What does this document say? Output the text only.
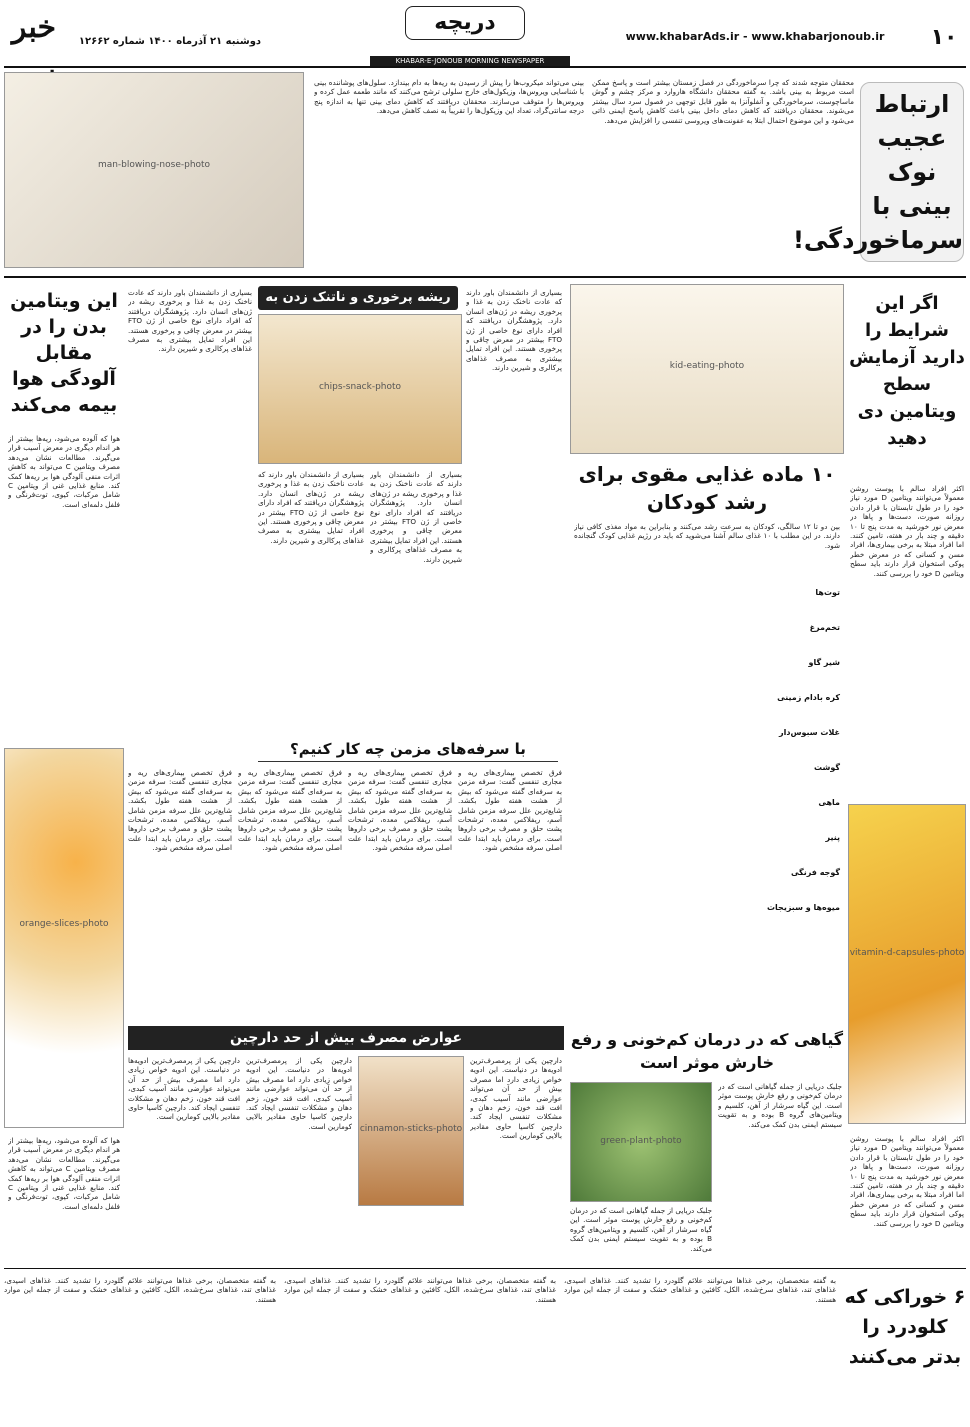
خبر	دوشنبه ۲۱ آذرماه ۱۴۰۰ شماره ۱۲۶۶۲
دریچه
www.khabarAds.ir - www.khabarjonoub.ir	۱۰
KHABAR-E-JONOUB MORNING NEWSPAPER
man-blowing-nose-photo
بینی می‌تواند میکروب‌ها را پیش از رسیدن به ریه‌ها به دام بیندازد. سلول‌های پوشاننده بینی با شناسایی ویروس‌ها، وزیکول‌های خارج سلولی ترشح می‌کنند که مانند طعمه عمل کرده و ویروس‌ها را متوقف می‌سازند. محققان دریافتند که کاهش دمای بینی تنها به اندازه پنج درجه سانتی‌گراد، تعداد این وزیکول‌ها را تقریباً به نصف کاهش می‌دهد.
محققان متوجه شدند که چرا سرماخوردگی در فصل زمستان بیشتر است و پاسخ ممکن است مربوط به بینی باشد. به گفته محققان دانشگاه هاروارد و مرکز چشم و گوش ماساچوست، سرماخوردگی و آنفلوآنزا به طور قابل توجهی در فصول سرد سال بیشتر می‌شوند. محققان دریافتند که کاهش دمای داخل بینی باعث کاهش پاسخ ایمنی ذاتی می‌شود و این موضوع احتمال ابتلا به عفونت‌های ویروسی تنفسی را افزایش می‌دهد.
ارتباط عجیب نوک بینی با سرماخوردگی!
این ویتامین بدن را در مقابل آلودگی هوا بیمه می‌کند
هوا که آلوده می‌شود، ریه‌ها بیشتر از هر اندام دیگری در معرض آسیب قرار می‌گیرند. مطالعات نشان می‌دهد مصرف ویتامین C می‌تواند به کاهش اثرات منفی آلودگی هوا بر ریه‌ها کمک کند. منابع غذایی غنی از ویتامین C شامل مرکبات، کیوی، توت‌فرنگی و فلفل دلمه‌ای است.
orange-slices-photo
هوا که آلوده می‌شود، ریه‌ها بیشتر از هر اندام دیگری در معرض آسیب قرار می‌گیرند. مطالعات نشان می‌دهد مصرف ویتامین C می‌تواند به کاهش اثرات منفی آلودگی هوا بر ریه‌ها کمک کند. منابع غذایی غنی از ویتامین C شامل مرکبات، کیوی، توت‌فرنگی و فلفل دلمه‌ای است.
اگر این شرایط را دارید آزمایش سطح ویتامین دی دهید
اکثر افراد سالم با پوست روشن معمولاً می‌توانند ویتامین D مورد نیاز خود را در طول تابستان با قرار دادن روزانه صورت، دست‌ها و پاها در معرض نور خورشید به مدت پنج تا ۱۰ دقیقه و چند بار در هفته، تامین کنند. اما افراد مبتلا به برخی بیماری‌ها، افراد مسن و کسانی که در معرض خطر پوکی استخوان قرار دارند باید سطح ویتامین D خود را بررسی کنند.
vitamin-d-capsules-photo
اکثر افراد سالم با پوست روشن معمولاً می‌توانند ویتامین D مورد نیاز خود را در طول تابستان با قرار دادن روزانه صورت، دست‌ها و پاها در معرض نور خورشید به مدت پنج تا ۱۰ دقیقه و چند بار در هفته، تامین کنند. اما افراد مبتلا به برخی بیماری‌ها، افراد مسن و کسانی که در معرض خطر پوکی استخوان قرار دارند باید سطح ویتامین D خود را بررسی کنند.
kid-eating-photo
۱۰ ماده غذایی مقوی برای رشد کودکان
بین دو تا ۱۲ سالگی، کودکان به سرعت رشد می‌کنند و بنابراین به مواد مغذی کافی نیاز دارند. در این مطلب با ۱۰ غذای سالم آشنا می‌شوید که باید در رژیم غذایی کودک گنجانده شود.
توت‌ها
تخم‌مرغ
شیر گاو
کره بادام زمینی
غلات سبوس‌دار
گوشت
ماهی
پنیر
گوجه فرنگی
میوه‌ها و سبزیجات
بسیاری از دانشمندان باور دارند که عادت ناخنک زدن به غذا و پرخوری ریشه در ژن‌های انسان دارد. پژوهشگران دریافتند که افراد دارای نوع خاصی از ژن FTO بیشتر در معرض چاقی و پرخوری هستند. این افراد تمایل بیشتری به مصرف غذاهای پرکالری و شیرین دارند.
ریشه پرخوری و ناتنک زدن به
chips-snack-photo
بسیاری از دانشمندان باور دارند که عادت ناخنک زدن به غذا و پرخوری ریشه در ژن‌های انسان دارد. پژوهشگران دریافتند که افراد دارای نوع خاصی از ژن FTO بیشتر در معرض چاقی و پرخوری هستند. این افراد تمایل بیشتری به مصرف غذاهای پرکالری و شیرین دارند.
بسیاری از دانشمندان باور دارند که عادت ناخنک زدن به غذا و پرخوری ریشه در ژن‌های انسان دارد. پژوهشگران دریافتند که افراد دارای نوع خاصی از ژن FTO بیشتر در معرض چاقی و پرخوری هستند. این افراد تمایل بیشتری به مصرف غذاهای پرکالری و شیرین دارند.
بسیاری از دانشمندان باور دارند که عادت ناخنک زدن به غذا و پرخوری ریشه در ژن‌های انسان دارد. پژوهشگران دریافتند که افراد دارای نوع خاصی از ژن FTO بیشتر در معرض چاقی و پرخوری هستند. این افراد تمایل بیشتری به مصرف غذاهای پرکالری و شیرین دارند.
با سرفه‌های مزمن چه کار کنیم؟
فرق تخصص بیماری‌های ریه و مجاری تنفسی گفت: سرفه مزمن به سرفه‌ای گفته می‌شود که بیش از هشت هفته طول بکشد. شایع‌ترین علل سرفه مزمن شامل آسم، ریفلاکس معده، ترشحات پشت حلق و مصرف برخی داروها است. برای درمان باید ابتدا علت اصلی سرفه مشخص شود.
فرق تخصص بیماری‌های ریه و مجاری تنفسی گفت: سرفه مزمن به سرفه‌ای گفته می‌شود که بیش از هشت هفته طول بکشد. شایع‌ترین علل سرفه مزمن شامل آسم، ریفلاکس معده، ترشحات پشت حلق و مصرف برخی داروها است. برای درمان باید ابتدا علت اصلی سرفه مشخص شود.
فرق تخصص بیماری‌های ریه و مجاری تنفسی گفت: سرفه مزمن به سرفه‌ای گفته می‌شود که بیش از هشت هفته طول بکشد. شایع‌ترین علل سرفه مزمن شامل آسم، ریفلاکس معده، ترشحات پشت حلق و مصرف برخی داروها است. برای درمان باید ابتدا علت اصلی سرفه مشخص شود.
فرق تخصص بیماری‌های ریه و مجاری تنفسی گفت: سرفه مزمن به سرفه‌ای گفته می‌شود که بیش از هشت هفته طول بکشد. شایع‌ترین علل سرفه مزمن شامل آسم، ریفلاکس معده، ترشحات پشت حلق و مصرف برخی داروها است. برای درمان باید ابتدا علت اصلی سرفه مشخص شود.
عوارض مصرف بیش از حد دارچین
دارچین یکی از پرمصرف‌ترین ادویه‌ها در دنیاست. این ادویه خواص زیادی دارد اما مصرف بیش از حد آن می‌تواند عوارضی مانند آسیب کبدی، افت قند خون، زخم دهان و مشکلات تنفسی ایجاد کند. دارچین کاسیا حاوی مقادیر بالایی کومارین است.
cinnamon-sticks-photo
دارچین یکی از پرمصرف‌ترین ادویه‌ها در دنیاست. این ادویه خواص زیادی دارد اما مصرف بیش از حد آن می‌تواند عوارضی مانند آسیب کبدی، افت قند خون، زخم دهان و مشکلات تنفسی ایجاد کند. دارچین کاسیا حاوی مقادیر بالایی کومارین است.
دارچین یکی از پرمصرف‌ترین ادویه‌ها در دنیاست. این ادویه خواص زیادی دارد اما مصرف بیش از حد آن می‌تواند عوارضی مانند آسیب کبدی، افت قند خون، زخم دهان و مشکلات تنفسی ایجاد کند. دارچین کاسیا حاوی مقادیر بالایی کومارین است.
گیاهی که در درمان کم‌خونی و رفع خارش موثر است
جلبک دریایی از جمله گیاهانی است که در درمان کم‌خونی و رفع خارش پوست موثر است. این گیاه سرشار از آهن، کلسیم و ویتامین‌های گروه B بوده و به تقویت سیستم ایمنی بدن کمک می‌کند.
green-plant-photo
جلبک دریایی از جمله گیاهانی است که در درمان کم‌خونی و رفع خارش پوست موثر است. این گیاه سرشار از آهن، کلسیم و ویتامین‌های گروه B بوده و به تقویت سیستم ایمنی بدن کمک می‌کند.
۶ خوراکی که کلودرد را بدتر می‌کنند
به گفته متخصصان، برخی غذاها می‌توانند علائم گلودرد را تشدید کنند. غذاهای اسیدی، غذاهای تند، غذاهای سرخ‌شده، الکل، کافئین و غذاهای خشک و سفت از جمله این موارد هستند.
به گفته متخصصان، برخی غذاها می‌توانند علائم گلودرد را تشدید کنند. غذاهای اسیدی، غذاهای تند، غذاهای سرخ‌شده، الکل، کافئین و غذاهای خشک و سفت از جمله این موارد هستند.
به گفته متخصصان، برخی غذاها می‌توانند علائم گلودرد را تشدید کنند. غذاهای اسیدی، غذاهای تند، غذاهای سرخ‌شده، الکل، کافئین و غذاهای خشک و سفت از جمله این موارد هستند.
